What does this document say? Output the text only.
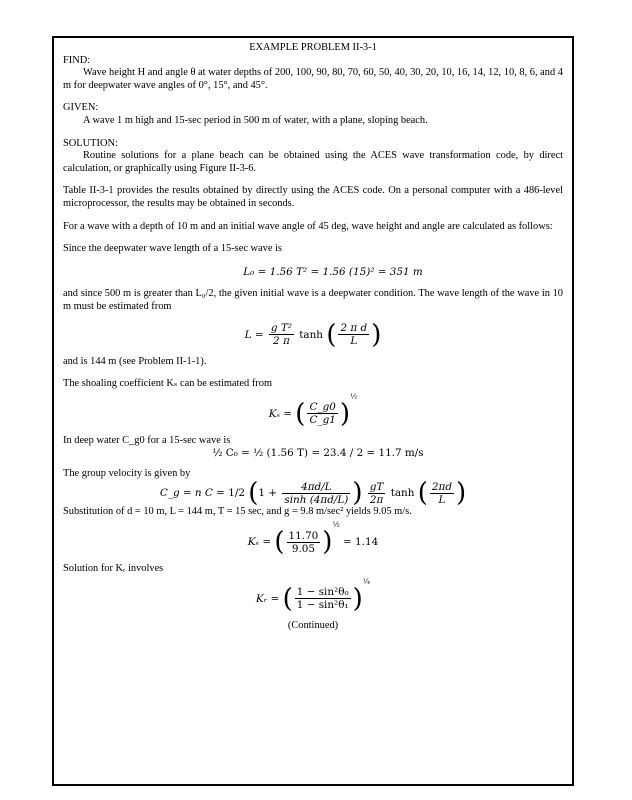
EXAMPLE PROBLEM II-3-1

FIND:

Wave height H and angle θ at water depths of 200, 100, 90, 80, 70, 60, 50, 40, 30, 20, 10, 16, 14, 12, 10, 8, 6, and 4 m for deepwater wave angles of 0°, 15°, and 45°.

GIVEN:

A wave 1 m high and 15-sec period in 500 m of water, with a plane, sloping beach.

SOLUTION:

Routine solutions for a plane beach can be obtained using the ACES wave transformation code, by direct calculation, or graphically using Figure II-3-6.

Table II-3-1 provides the results obtained by directly using the ACES code. On a personal computer with a 486-level microprocessor, the results may be obtained in seconds.

For a wave with a depth of 10 m and an initial wave angle of 45 deg, wave height and angle are calculated as follows:

Since the deepwater wave length of a 15-sec wave is

L₀ = 1.56 T² = 1.56 (15)² = 351 m

and since 500 m is greater than L₀/2, the given initial wave is a deepwater condition. The wave length of the wave in 10 m must be estimated from

$L = \frac{\text{g T²}}{2 \pi}$ tanh ( $\frac{\text{2 π d}}{L}$ )

and is 144 m (see Problem II-1-1).

The shoaling coefficient Kₛ can be estimated from

Kₛ = ( $\frac{C\_g0}{C\_g1} )^{\frac{1}{2}}$

In deep water C_g0 for a 15-sec wave is

½ C₀ = ½ (1.56 T) = 23.4 / 2 = 11.7 m/s

The group velocity is given by

C_g = n C = 1/2 ($1 + \frac{4\pi d/L}{\sinh (4\pi d/L)}$ ) $\frac{gT}{2\pi}$ tanh ( $\frac{2\pi d}{L}$ )

Substitution of d = 10 m, L = 144 m, T = 15 sec, and g = 9.8 m/sec² yields 9.05 m/s.

Kₛ = ( $\frac{11.70}{9.05} )^{\frac{1}{2}} = 1.14$

Solution for Kᵣ involves

Kᵣ = ( $\frac{\text{1 − sin²θ₀}}{\text{1 − sin²θ₁}} )^{\frac{1}{4}}$

(Continued)
